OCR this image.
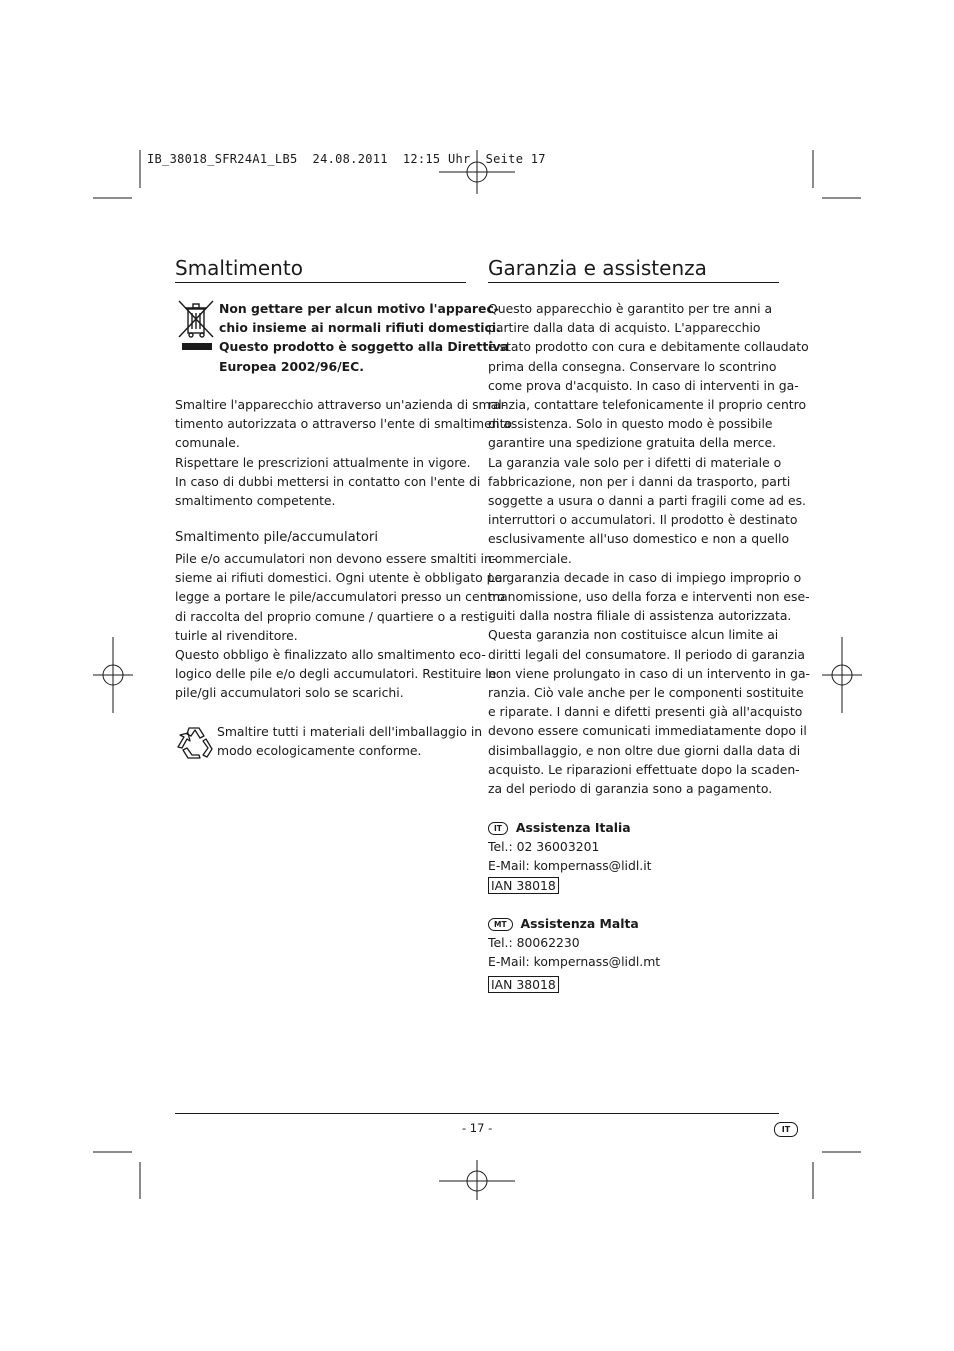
IB_38018_SFR24A1_LB5  24.08.2011  12:15 Uhr  Seite 17
Smaltimento

Non gettare per alcun motivo l'apparec-

chio insieme ai normali rifiuti domestici.

Questo prodotto è soggetto alla Direttiva

Europea 2002/96/EC.

Smaltire l'apparecchio attraverso un'azienda di smal-

timento autorizzata o attraverso l'ente di smaltimento

comunale.

Rispettare le prescrizioni attualmente in vigore.

In caso di dubbi mettersi in contatto con l'ente di

smaltimento competente.

Smaltimento pile/accumulatori

Pile e/o accumulatori non devono essere smaltiti in-

sieme ai rifiuti domestici. Ogni utente è obbligato per

legge a portare le pile/accumulatori presso un centro

di raccolta del proprio comune / quartiere o a resti-

tuirle al rivenditore.

Questo obbligo è finalizzato allo smaltimento eco-

logico delle pile e/o degli accumulatori. Restituire le

pile/gli accumulatori solo se scarichi.

Smaltire tutti i materiali dell'imballaggio in

modo ecologicamente conforme.

Garanzia e assistenza

Questo apparecchio è garantito per tre anni a

partire dalla data di acquisto. L'apparecchio

è stato prodotto con cura e debitamente collaudato

prima della consegna. Conservare lo scontrino

come prova d'acquisto. In caso di interventi in ga-

ranzia, contattare telefonicamente il proprio centro

di assistenza. Solo in questo modo è possibile

garantire una spedizione gratuita della merce.

La garanzia vale solo per i difetti di materiale o

fabbricazione, non per i danni da trasporto, parti

soggette a usura o danni a parti fragili come ad es.

interruttori o accumulatori. Il prodotto è destinato

esclusivamente all'uso domestico e non a quello

commerciale.

La garanzia decade in caso di impiego improprio o

manomissione, uso della forza e interventi non ese-

guiti dalla nostra filiale di assistenza autorizzata.

Questa garanzia non costituisce alcun limite ai

diritti legali del consumatore. Il periodo di garanzia

non viene prolungato in caso di un intervento in ga-

ranzia. Ciò vale anche per le componenti sostituite

e riparate. I danni e difetti presenti già all'acquisto

devono essere comunicati immediatamente dopo il

disimballaggio, e non oltre due giorni dalla data di

acquisto. Le riparazioni effettuate dopo la scaden-

za del periodo di garanzia sono a pagamento.

IT Assistenza Italia

Tel.: 02 36003201

E-Mail: kompernass@lidl.it

IAN 38018

MT Assistenza Malta

Tel.: 80062230

E-Mail: kompernass@lidl.mt

IAN 38018

- 17 -	IT
